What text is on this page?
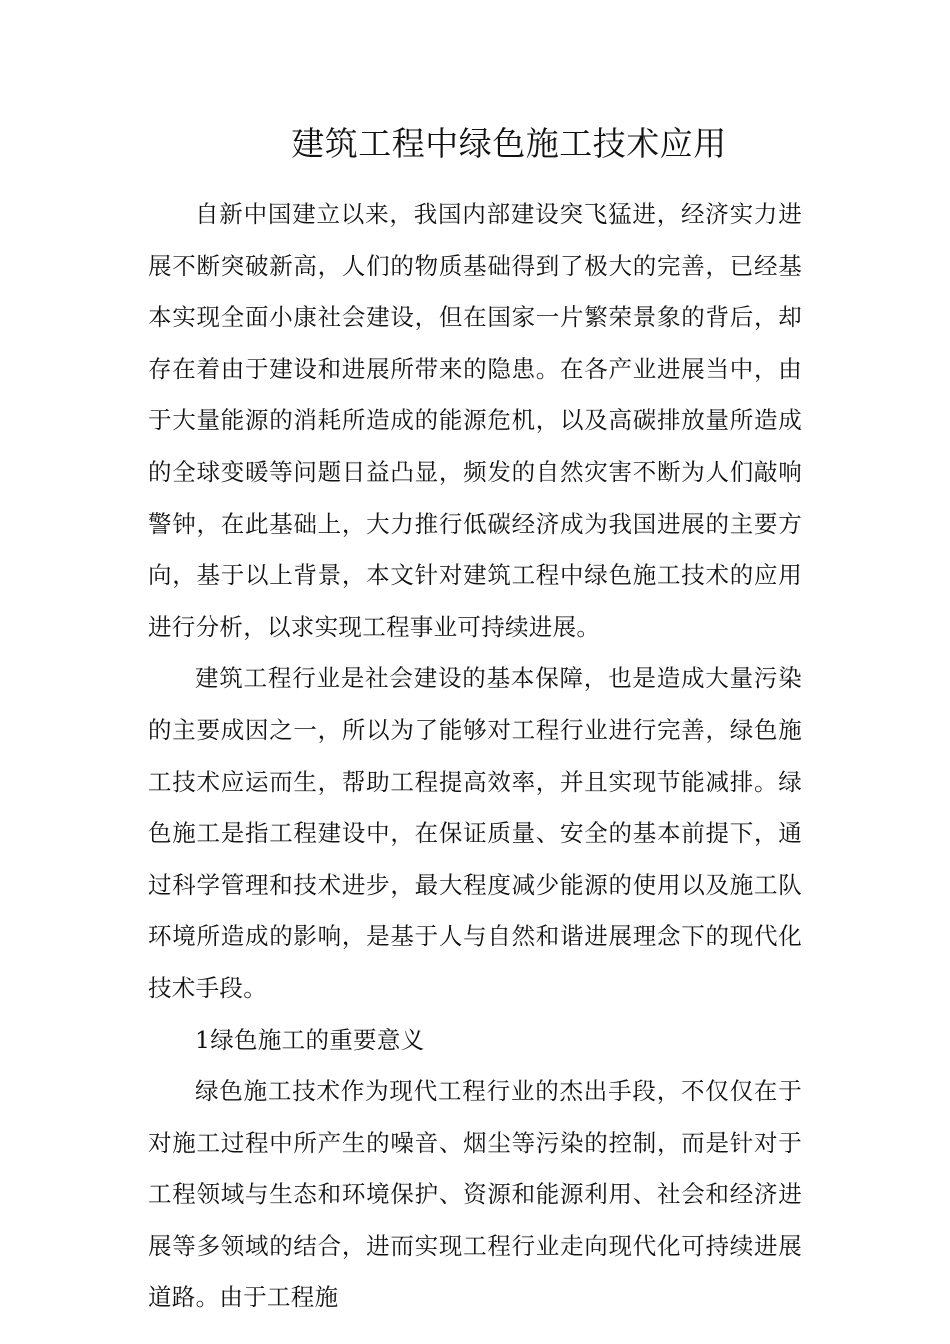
建筑工程中绿色施工技术应用

自新中国建立以来，我国内部建设突飞猛进，经济实力进展不断突破新高，人们的物质基础得到了极大的完善，已经基本实现全面小康社会建设，但在国家一片繁荣景象的背后，却存在着由于建设和进展所带来的隐患。在各产业进展当中，由于大量能源的消耗所造成的能源危机，以及高碳排放量所造成的全球变暖等问题日益凸显，频发的自然灾害不断为人们敲响警钟，在此基础上，大力推行低碳经济成为我国进展的主要方向，基于以上背景，本文针对建筑工程中绿色施工技术的应用进行分析，以求实现工程事业可持续进展。

建筑工程行业是社会建设的基本保障，也是造成大量污染的主要成因之一，所以为了能够对工程行业进行完善，绿色施工技术应运而生，帮助工程提高效率，并且实现节能减排。绿色施工是指工程建设中，在保证质量、安全的基本前提下，通过科学管理和技术进步，最大程度减少能源的使用以及施工队环境所造成的影响，是基于人与自然和谐进展理念下的现代化技术手段。

1绿色施工的重要意义

绿色施工技术作为现代工程行业的杰出手段，不仅仅在于对施工过程中所产生的噪音、烟尘等污染的控制，而是针对于工程领域与生态和环境保护、资源和能源利用、社会和经济进展等多领域的结合，进而实现工程行业走向现代化可持续进展道路。由于工程施
